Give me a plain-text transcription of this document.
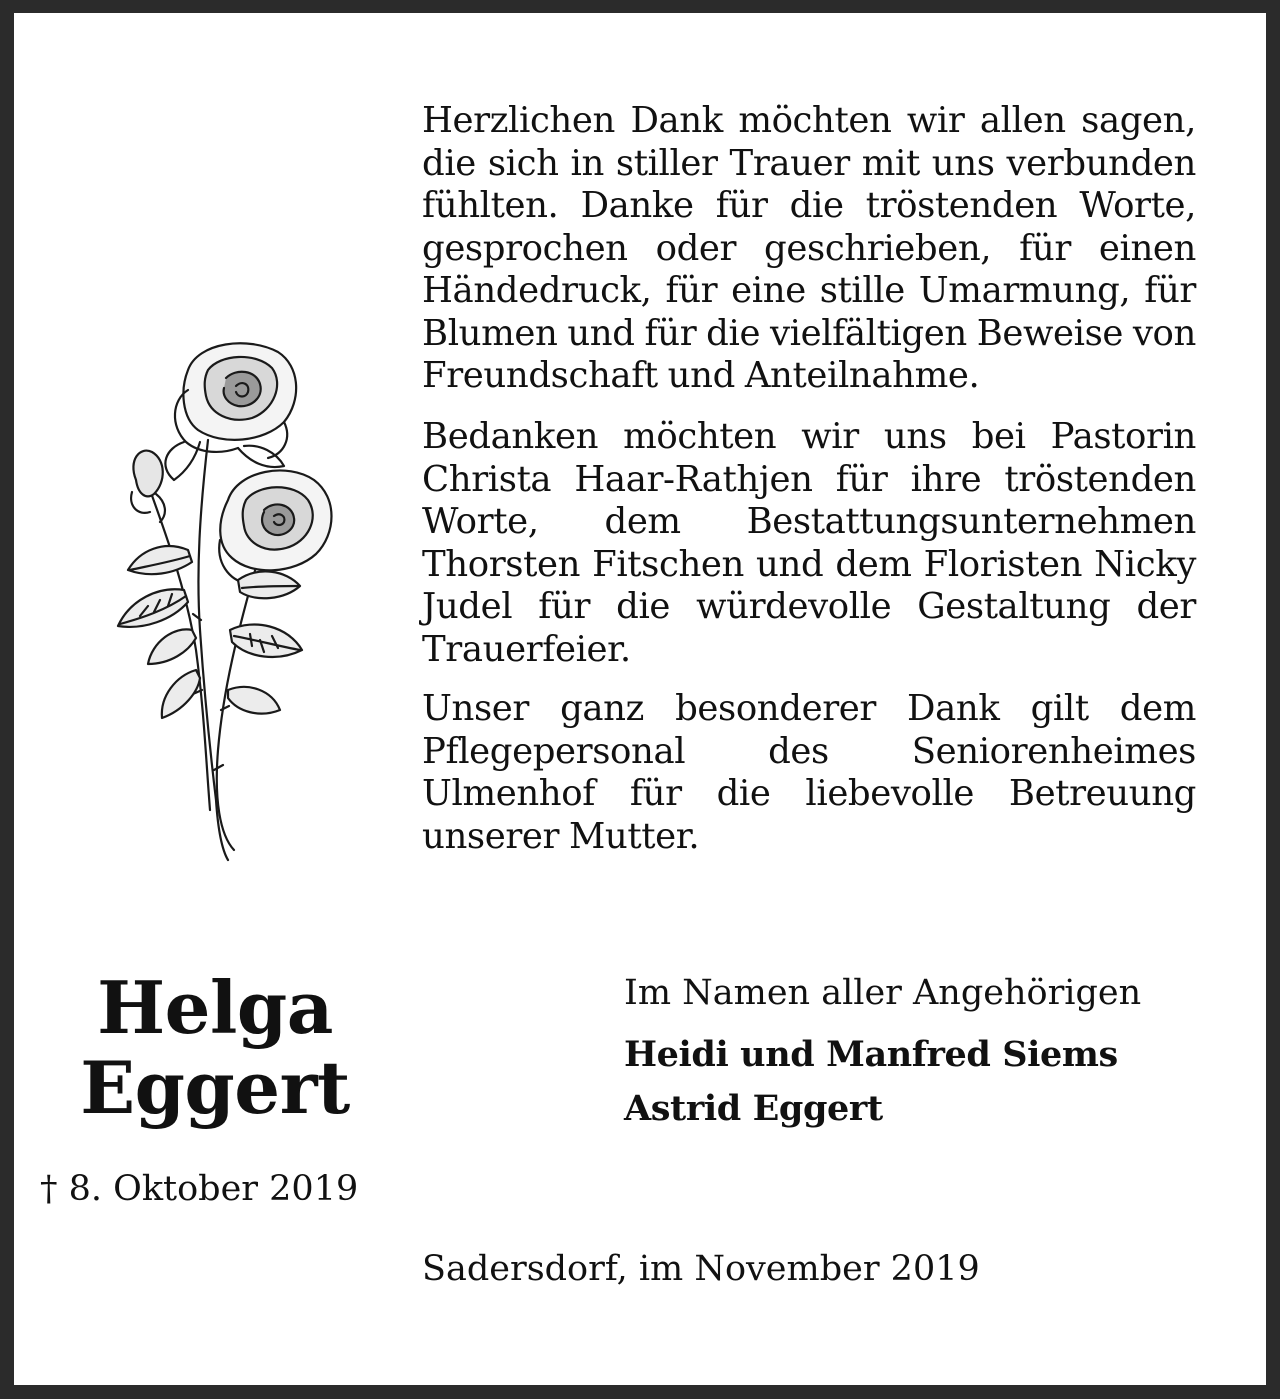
Herzlichen Dank möchten wir allen sagen, die sich in stiller Trauer mit uns verbunden fühlten. Danke für die tröstenden Worte, gesprochen oder geschrieben, für einen Händedruck, für eine stille Umarmung, für Blumen und für die vielfältigen Beweise von Freundschaft und Anteilnahme.

Bedanken möchten wir uns bei Pastorin Christa Haar-Rathjen für ihre tröstenden Worte, dem Bestattungsunternehmen Thorsten Fitschen und dem Floristen Nicky Judel für die würdevolle Gestaltung der Trauerfeier.

Unser ganz besonderer Dank gilt dem Pflegepersonal des Seniorenheimes Ulmenhof für die liebevolle Betreuung unserer Mutter.

Helga
Eggert
† 8. Oktober 2019
Im Namen aller Angehörigen
Heidi und Manfred Siems
Astrid Eggert
Sadersdorf, im November 2019
